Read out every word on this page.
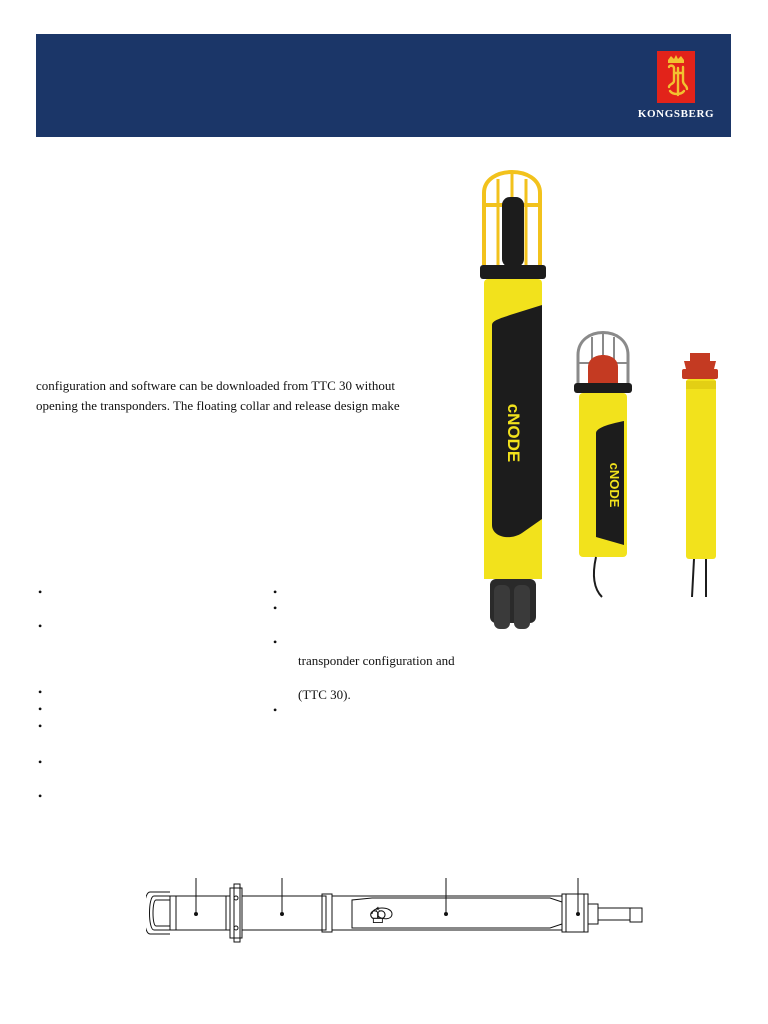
KONGSBERG
cNODE
cNODE
configuration and software can be downloaded from TTC 30 without
opening the transponders. The floating collar and release design make
•
•
•
•
•
•
•
•
•
•
transponder configuration and
(TTC 30).
•
♔
